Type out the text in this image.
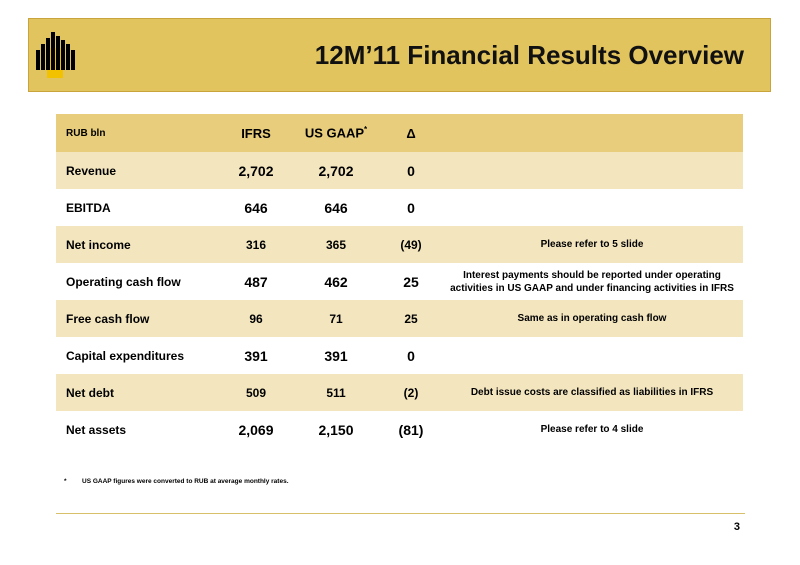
12M’11 Financial Results Overview
RUB bln	IFRS	US GAAP*	Δ	
Revenue	2,702	2,702	0	
EBITDA	646	646	0	
Net income	316	365	(49)	Please refer to 5 slide
Operating cash flow	487	462	25	Interest payments should be reported under operating activities in US GAAP and under financing activities in IFRS
Free cash flow	96	71	25	Same as in operating cash flow
Capital expenditures	391	391	0	
Net debt	509	511	(2)	Debt issue costs are classified as liabilities in IFRS
Net assets	2,069	2,150	(81)	Please refer to 4 slide
* US GAAP figures were converted to RUB at average monthly rates.
3
